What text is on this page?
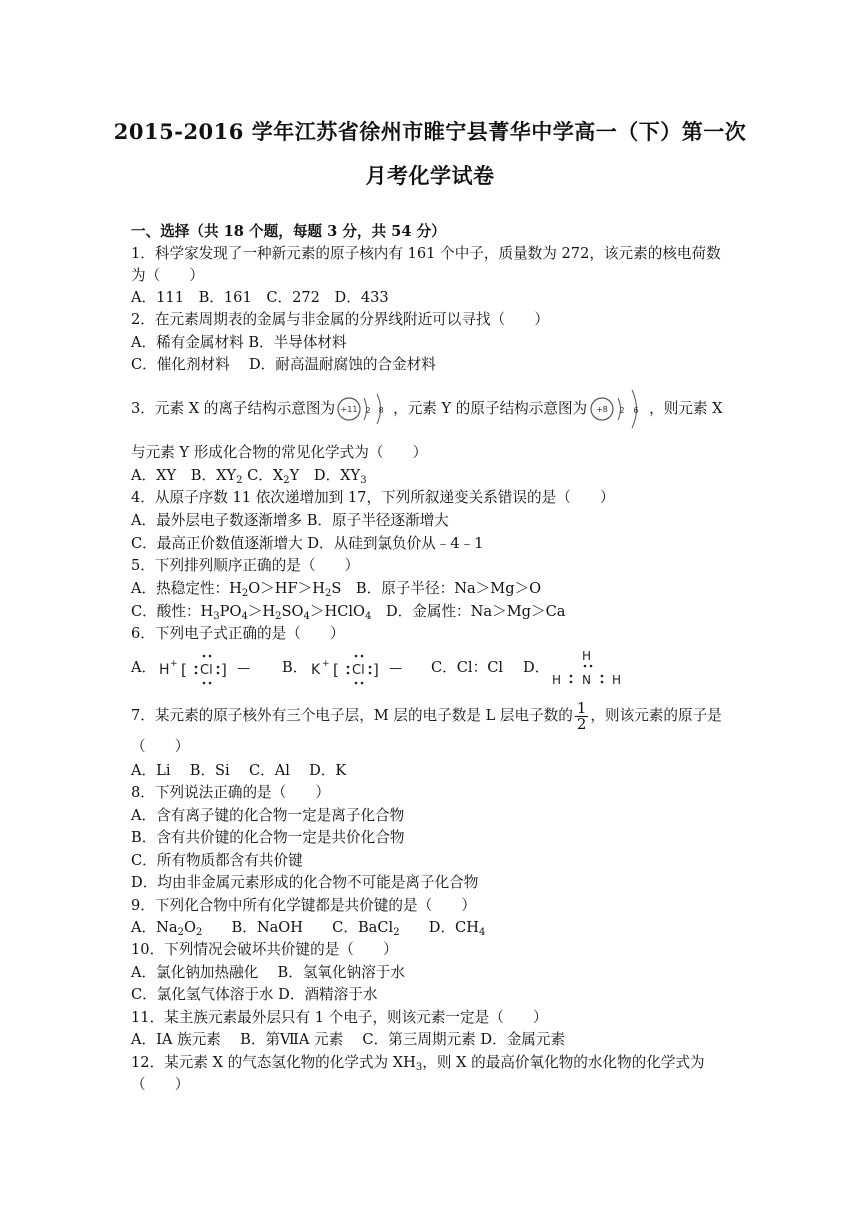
2015-2016 学年江苏省徐州市睢宁县菁华中学高一（下）第一次
月考化学试卷
一、选择（共 18 个题，每题 3 分，共 54 分）
1．科学家发现了一种新元素的原子核内有 161 个中子，质量数为 272，该元素的核电荷数
为（　　）
A．111　B．161　C．272　D．433
2．在元素周期表的金属与非金属的分界线附近可以寻找（　　）
A．稀有金属材料 B．半导体材料
C．催化剂材料　 D．耐高温耐腐蚀的合金材料
3．元素 X 的离子结构示意图为 +11 2 8 ，元素 Y 的原子结构示意图为 +8 2 6 ，则元素 X
与元素 Y 形成化合物的常见化学式为（　　）
A．XY　B．$XY_2$ C．$X_2Y$　D．$XY_3$
4．从原子序数 11 依次递增加到 17，下列所叙递变关系错误的是（　　）
A．最外层电子数逐渐增多 B．原子半径逐渐增大
C．最高正价数值逐渐增大 D．从硅到氯负价从﹣4﹣1
5．下列排列顺序正确的是（　　）
A．热稳定性：$H_2O>HF>H_2S$　B．原子半径：Na＞Mg＞O
C．酸性：$H_3PO_4>H_2SO_4>HClO_4$　D．金属性：Na＞Mg＞Ca
6．下列电子式正确的是（　　）
A． H + [ Cl ] — B． K + [ Cl ] — C．Cl：Cl D．
H
H N H
7．某元素的原子核外有三个电子层，M 层的电子数是 L 层电子数的 $\frac{1}{2}$ ，则该元素的原子是
（　　）
A．Li　 B．Si　 C．Al　 D．K
8．下列说法正确的是（　　）
A．含有离子键的化合物一定是离子化合物
B．含有共价键的化合物一定是共价化合物
C．所有物质都含有共价键
D．均由非金属元素形成的化合物不可能是离子化合物
9．下列化合物中所有化学键都是共价键的是（　　）
A．$Na_2O_2$　　B．NaOH　　C．BaCl$_2$　　D．$CH_4$
10．下列情况会破坏共价键的是（　　）
A．氯化钠加热融化　 B．氢氧化钠溶于水
C．氯化氢气体溶于水 D．酒精溶于水
11．某主族元素最外层只有 1 个电子，则该元素一定是（　　）
A．ⅠA 族元素　 B．第ⅦA 元素　 C．第三周期元素 D．金属元素
12．某元素 X 的气态氢化物的化学式为 $XH_3$，则 X 的最高价氧化物的水化物的化学式为
（　　）
